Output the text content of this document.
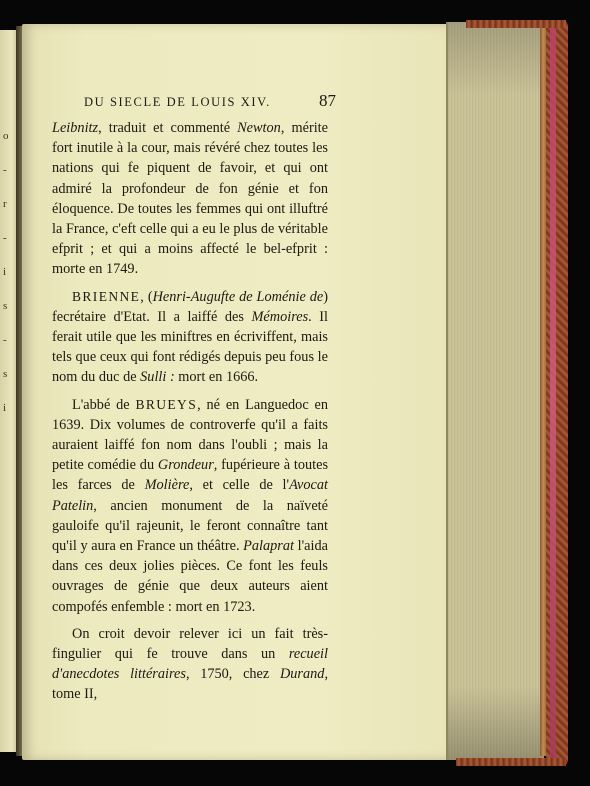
o
-
r
-
i
s
-
s
i
DU SIECLE DE LOUIS XIV.	87

Leibnitz, traduit et commenté Newton, mérite fort inutile à la cour, mais révéré chez toutes les nations qui fe piquent de favoir, et qui ont admiré la profondeur de fon génie et fon éloquence. De toutes les femmes qui ont illuftré la France, c'eft celle qui a eu le plus de véritable efprit ; et qui a moins affecté le bel-efprit : morte en 1749.

BRIENNE, (Henri-Augufte de Loménie de) fecrétaire d'Etat. Il a laiffé des Mémoires. Il ferait utile que les miniftres en écriviffent, mais tels que ceux qui font rédigés depuis peu fous le nom du duc de Sulli : mort en 1666.

L'abbé de BRUEYS, né en Languedoc en 1639. Dix volumes de controverfe qu'il a faits auraient laiffé fon nom dans l'oubli ; mais la petite comédie du Grondeur, fupérieure à toutes les farces de Molière, et celle de l'Avocat Patelin, ancien monument de la naïveté gauloife qu'il rajeunit, le feront connaître tant qu'il y aura en France un théâtre. Palaprat l'aida dans ces deux jolies pièces. Ce font les feuls ouvrages de génie que deux auteurs aient compofés enfemble : mort en 1723.

On croit devoir relever ici un fait très-fingulier qui fe trouve dans un recueil d'anecdotes littéraires, 1750, chez Durand, tome II,
